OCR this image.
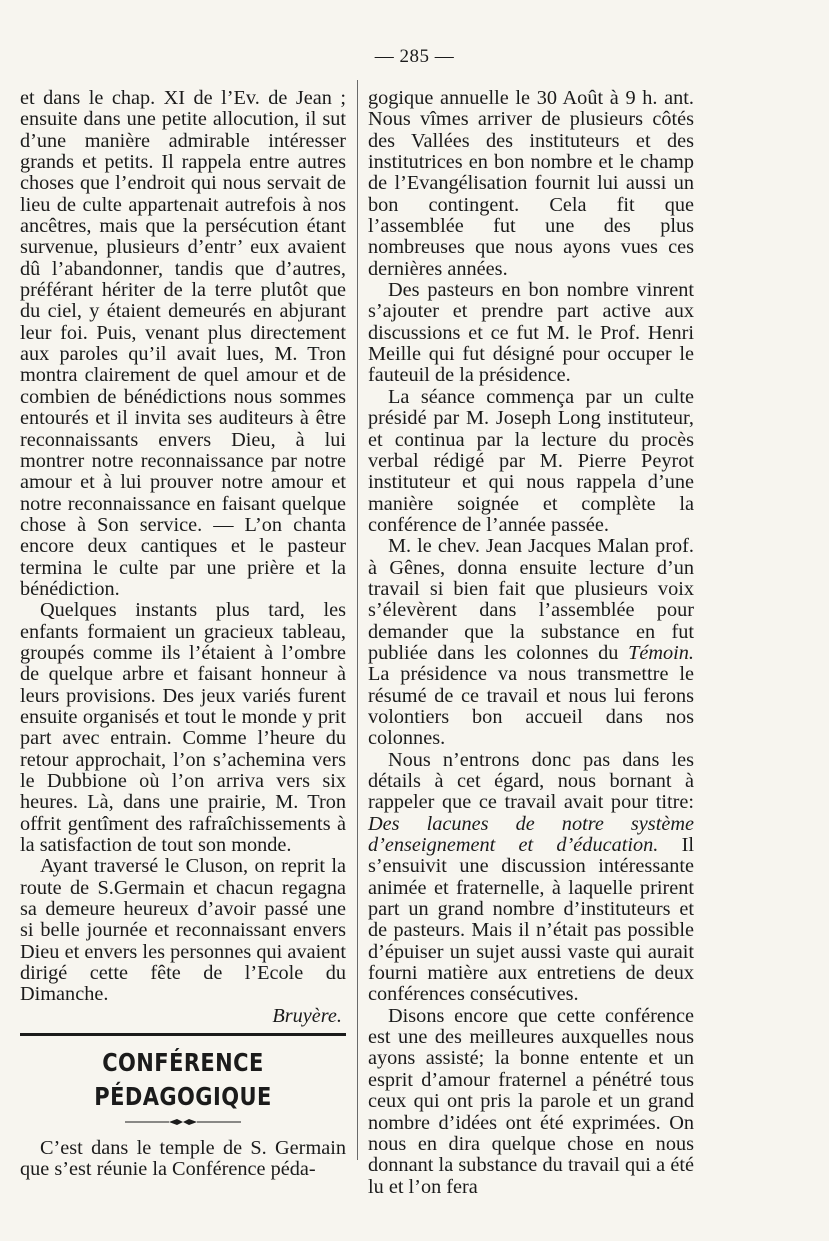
— 285 —

et dans le chap. XI de l’Ev. de Jean ; ensuite dans une petite allocution, il sut d’une manière admirable intéresser grands et petits. Il rappela entre autres choses que l’endroit qui nous servait de lieu de culte appartenait autrefois à nos ancêtres, mais que la persécution étant survenue, plusieurs d’entr’ eux avaient dû l’abandonner, tandis que d’autres, préférant hériter de la terre plutôt que du ciel, y étaient demeurés en abjurant leur foi. Puis, venant plus directement aux paroles qu’il avait lues, M. Tron montra clairement de quel amour et de combien de bénédictions nous sommes entourés et il invita ses auditeurs à être reconnaissants envers Dieu, à lui montrer notre reconnaissance par notre amour et à lui prouver notre amour et notre reconnaissance en faisant quelque chose à Son service. — L’on chanta encore deux cantiques et le pasteur termina le culte par une prière et la bénédiction.

Quelques instants plus tard, les enfants formaient un gracieux tableau, groupés comme ils l’étaient à l’ombre de quelque arbre et faisant honneur à leurs provisions. Des jeux variés furent ensuite organisés et tout le monde y prit part avec entrain. Comme l’heure du retour approchait, l’on s’achemina vers le Dubbione où l’on arriva vers six heures. Là, dans une prairie, M. Tron offrit gentîment des rafraîchissements à la satisfaction de tout son monde.

Ayant traversé le Cluson, on reprit la route de S.Germain et chacun regagna sa demeure heureux d’avoir passé une si belle journée et reconnaissant envers Dieu et envers les personnes qui avaient dirigé cette fête de l’Ecole du Dimanche.

Bruyère.

CONFÉRENCE PÉDAGOGIQUE

C’est dans le temple de S. Germain que s’est réunie la Conférence péda-

gogique annuelle le 30 Août à 9 h. ant. Nous vîmes arriver de plusieurs côtés des Vallées des instituteurs et des institutrices en bon nombre et le champ de l’Evangélisation fournit lui aussi un bon contingent. Cela fit que l’assemblée fut une des plus nombreuses que nous ayons vues ces dernières années.

Des pasteurs en bon nombre vinrent s’ajouter et prendre part active aux discussions et ce fut M. le Prof. Henri Meille qui fut désigné pour occuper le fauteuil de la présidence.

La séance commença par un culte présidé par M. Joseph Long instituteur, et continua par la lecture du procès verbal rédigé par M. Pierre Peyrot instituteur et qui nous rappela d’une manière soignée et complète la conférence de l’année passée.

M. le chev. Jean Jacques Malan prof. à Gênes, donna ensuite lecture d’un travail si bien fait que plusieurs voix s’élevèrent dans l’assemblée pour demander que la substance en fut publiée dans les colonnes du Témoin. La présidence va nous transmettre le résumé de ce travail et nous lui ferons volontiers bon accueil dans nos colonnes.

Nous n’entrons donc pas dans les détails à cet égard, nous bornant à rappeler que ce travail avait pour titre: Des lacunes de notre système d’enseignement et d’éducation. Il s’ensuivit une discussion intéressante animée et fraternelle, à laquelle prirent part un grand nombre d’instituteurs et de pasteurs. Mais il n’était pas possible d’épuiser un sujet aussi vaste qui aurait fourni matière aux entretiens de deux conférences consécutives.

Disons encore que cette conférence est une des meilleures auxquelles nous ayons assisté; la bonne entente et un esprit d’amour fraternel a pénétré tous ceux qui ont pris la parole et un grand nombre d’idées ont été exprimées. On nous en dira quelque chose en nous donnant la substance du travail qui a été lu et l’on fera
